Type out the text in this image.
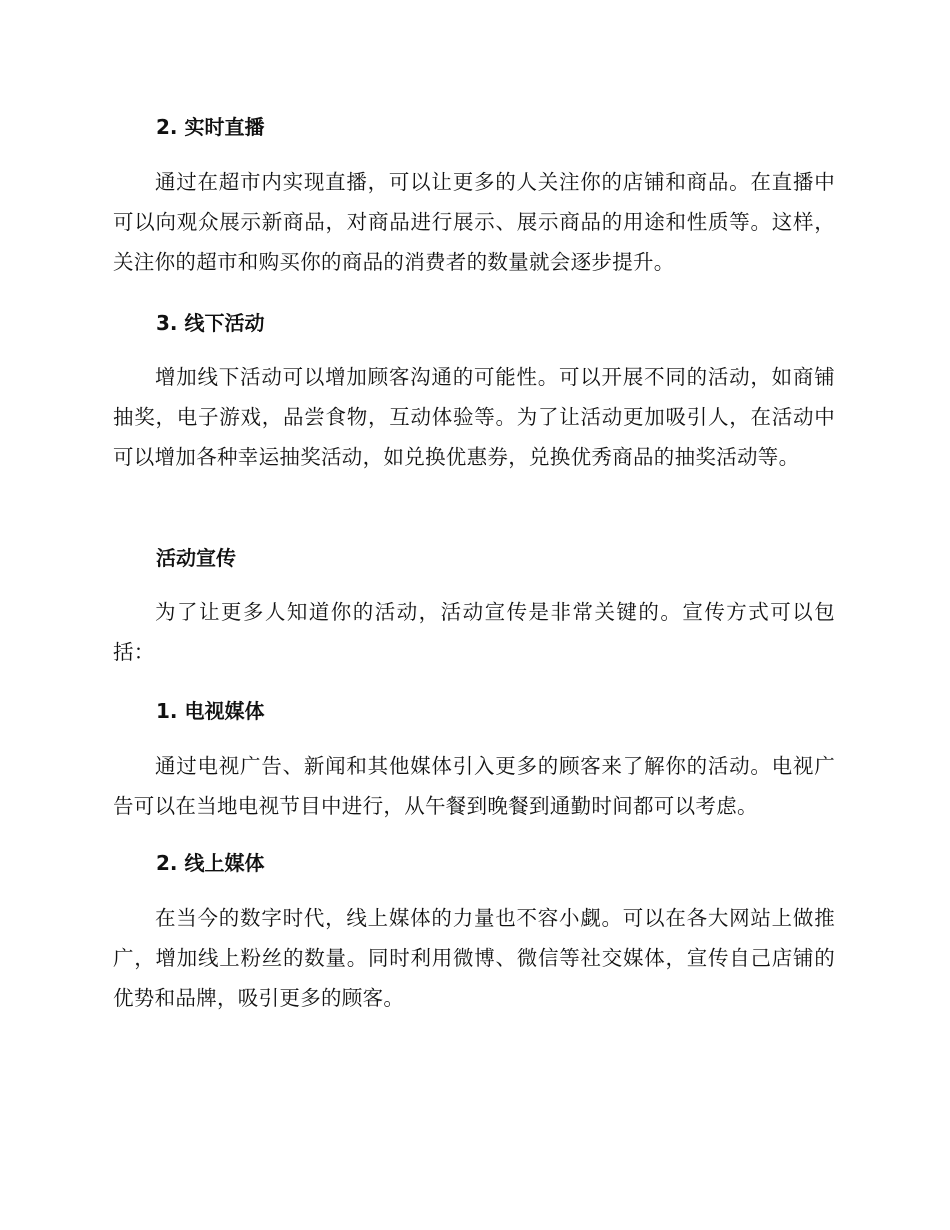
2. 实时直播
通过在超市内实现直播，可以让更多的人关注你的店铺和商品。在直播中可以向观众展示新商品，对商品进行展示、展示商品的用途和性质等。这样，关注你的超市和购买你的商品的消费者的数量就会逐步提升。
3. 线下活动
增加线下活动可以增加顾客沟通的可能性。可以开展不同的活动，如商铺抽奖，电子游戏，品尝食物，互动体验等。为了让活动更加吸引人，在活动中可以增加各种幸运抽奖活动，如兑换优惠券，兑换优秀商品的抽奖活动等。
活动宣传
为了让更多人知道你的活动，活动宣传是非常关键的。宣传方式可以包括：
1. 电视媒体
通过电视广告、新闻和其他媒体引入更多的顾客来了解你的活动。电视广告可以在当地电视节目中进行，从午餐到晚餐到通勤时间都可以考虑。
2. 线上媒体
在当今的数字时代，线上媒体的力量也不容小觑。可以在各大网站上做推广，增加线上粉丝的数量。同时利用微博、微信等社交媒体，宣传自己店铺的优势和品牌，吸引更多的顾客。
